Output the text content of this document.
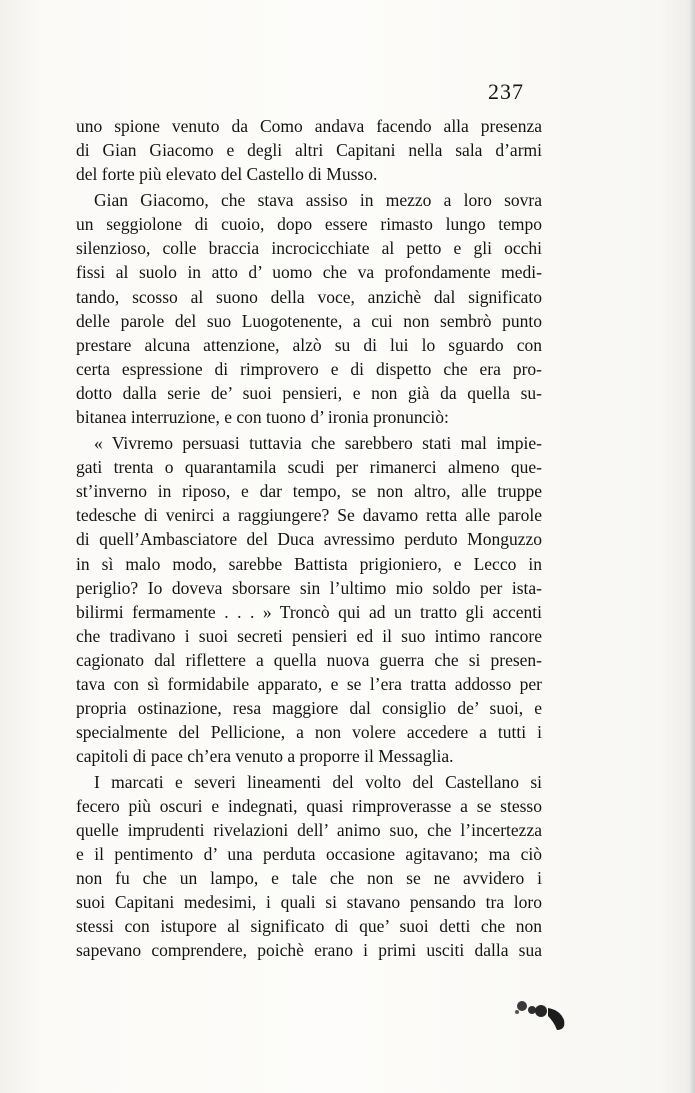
237
uno spione venuto da Como andava facendo alla presenza
di Gian Giacomo e degli altri Capitani nella sala d’armi
del forte più elevato del Castello di Musso.
Gian Giacomo, che stava assiso in mezzo a loro sovra
un seggiolone di cuoio, dopo essere rimasto lungo tempo
silenzioso, colle braccia incrocicchiate al petto e gli occhi
fissi al suolo in atto d’ uomo che va profondamente medi-
tando, scosso al suono della voce, anzichè dal significato
delle parole del suo Luogotenente, a cui non sembrò punto
prestare alcuna attenzione, alzò su di lui lo sguardo con
certa espressione di rimprovero e di dispetto che era pro-
dotto dalla serie de’ suoi pensieri, e non già da quella su-
bitanea interruzione, e con tuono d’ ironia pronunciò:
« Vivremo persuasi tuttavia che sarebbero stati mal impie-
gati trenta o quarantamila scudi per rimanerci almeno que-
st’inverno in riposo, e dar tempo, se non altro, alle truppe
tedesche di venirci a raggiungere? Se davamo retta alle parole
di quell’Ambasciatore del Duca avressimo perduto Monguzzo
in sì malo modo, sarebbe Battista prigioniero, e Lecco in
periglio? Io doveva sborsare sin l’ultimo mio soldo per ista-
bilirmi fermamente . . . » Troncò qui ad un tratto gli accenti
che tradivano i suoi secreti pensieri ed il suo intimo rancore
cagionato dal riflettere a quella nuova guerra che si presen-
tava con sì formidabile apparato, e se l’era tratta addosso per
propria ostinazione, resa maggiore dal consiglio de’ suoi, e
specialmente del Pellicione, a non volere accedere a tutti i
capitoli di pace ch’era venuto a proporre il Messaglia.
I marcati e severi lineamenti del volto del Castellano si
fecero più oscuri e indegnati, quasi rimproverasse a se stesso
quelle imprudenti rivelazioni dell’ animo suo, che l’incertezza
e il pentimento d’ una perduta occasione agitavano; ma ciò
non fu che un lampo, e tale che non se ne avvidero i
suoi Capitani medesimi, i quali si stavano pensando tra loro
stessi con istupore al significato di que’ suoi detti che non
sapevano comprendere, poichè erano i primi usciti dalla sua
